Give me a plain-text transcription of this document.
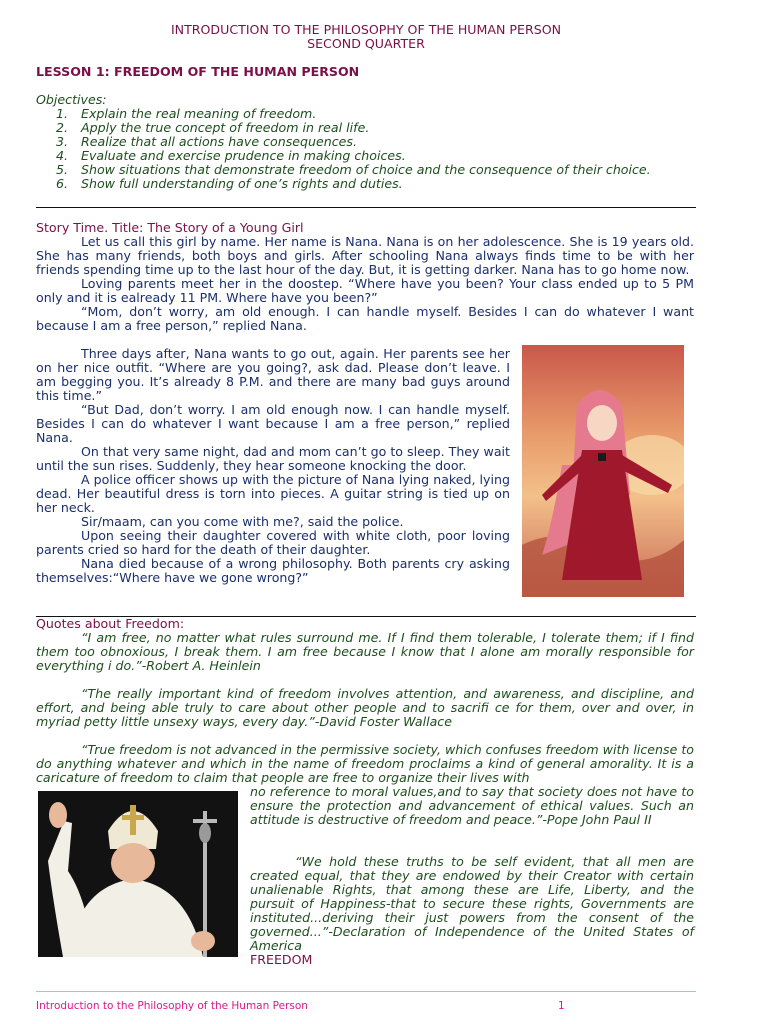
INTRODUCTION TO THE PHILOSOPHY OF THE HUMAN PERSON
SECOND QUARTER
LESSON 1: FREEDOM OF THE HUMAN PERSON
Objectives:
1. Explain the real meaning of freedom.
2. Apply the true concept of freedom in real life.
3. Realize that all actions have consequences.
4. Evaluate and exercise prudence in making choices.
5. Show situations that demonstrate freedom of choice and the consequence of their choice.
6. Show full understanding of one’s rights and duties.
Story Time. Title: The Story of a Young Girl

Let us call this girl by name. Her name is Nana. Nana is on her adolescence. She is 19 years old. She has many friends, both boys and girls. After schooling Nana always finds time to be with her friends spending time up to the last hour of the day. But, it is getting darker. Nana has to go home now.

Loving parents meet her in the doostep. “Where have you been? Your class ended up to 5 PM only and it is ealready 11 PM. Where have you been?”

“Mom, don’t worry, am old enough. I can handle myself. Besides I can do whatever I want because I am a free person,” replied Nana.

Three days after, Nana wants to go out, again. Her parents see her on her nice outfit. “Where are you going?, ask dad. Please don’t leave. I am begging you. It’s already 8 P.M. and there are many bad guys around this time.”

“But Dad, don’t worry. I am old enough now. I can handle myself. Besides I can do whatever I want because I am a free person,” replied Nana.

On that very same night, dad and mom can’t go to sleep. They wait until the sun rises. Suddenly, they hear someone knocking the door.

A police officer shows up with the picture of Nana lying naked, lying dead. Her beautiful dress is torn into pieces. A guitar string is tied up on her neck.

Sir/maam, can you come with me?, said the police.

Upon seeing their daughter covered with white cloth, poor loving parents cried so hard for the death of their daughter.

Nana died because of a wrong philosophy. Both parents cry asking themselves:“Where have we gone wrong?”

Quotes about Freedom:

“I am free, no matter what rules surround me. If I find them tolerable, I tolerate them; if I find them too obnoxious, I break them. I am free because I know that I alone am morally responsible for everything i do.”-Robert A. Heinlein

“The really important kind of freedom involves attention, and awareness, and discipline, and effort, and being able truly to care about other people and to sacrifi ce for them, over and over, in myriad petty little unsexy ways, every day.”-David Foster Wallace

“True freedom is not advanced in the permissive society, which confuses freedom with license to do anything whatever and which in the name of freedom proclaims a kind of general amorality. It is a caricature of freedom to claim that people are free to organize their lives with

no reference to moral values,and to say that society does not have to ensure the protection and advancement of ethical values. Such an attitude is destructive of freedom and peace.”-Pope John Paul II

“We hold these truths to be self evident, that all men are created equal, that they are endowed by their Creator with certain unalienable Rights, that among these are Life, Liberty, and the pursuit of Happiness-that to secure these rights, Governments are instituted...deriving their just powers from the consent of the governed...”-Declaration of Independence of the United States of America

FREEDOM
Introduction to the Philosophy of the Human Person	1
